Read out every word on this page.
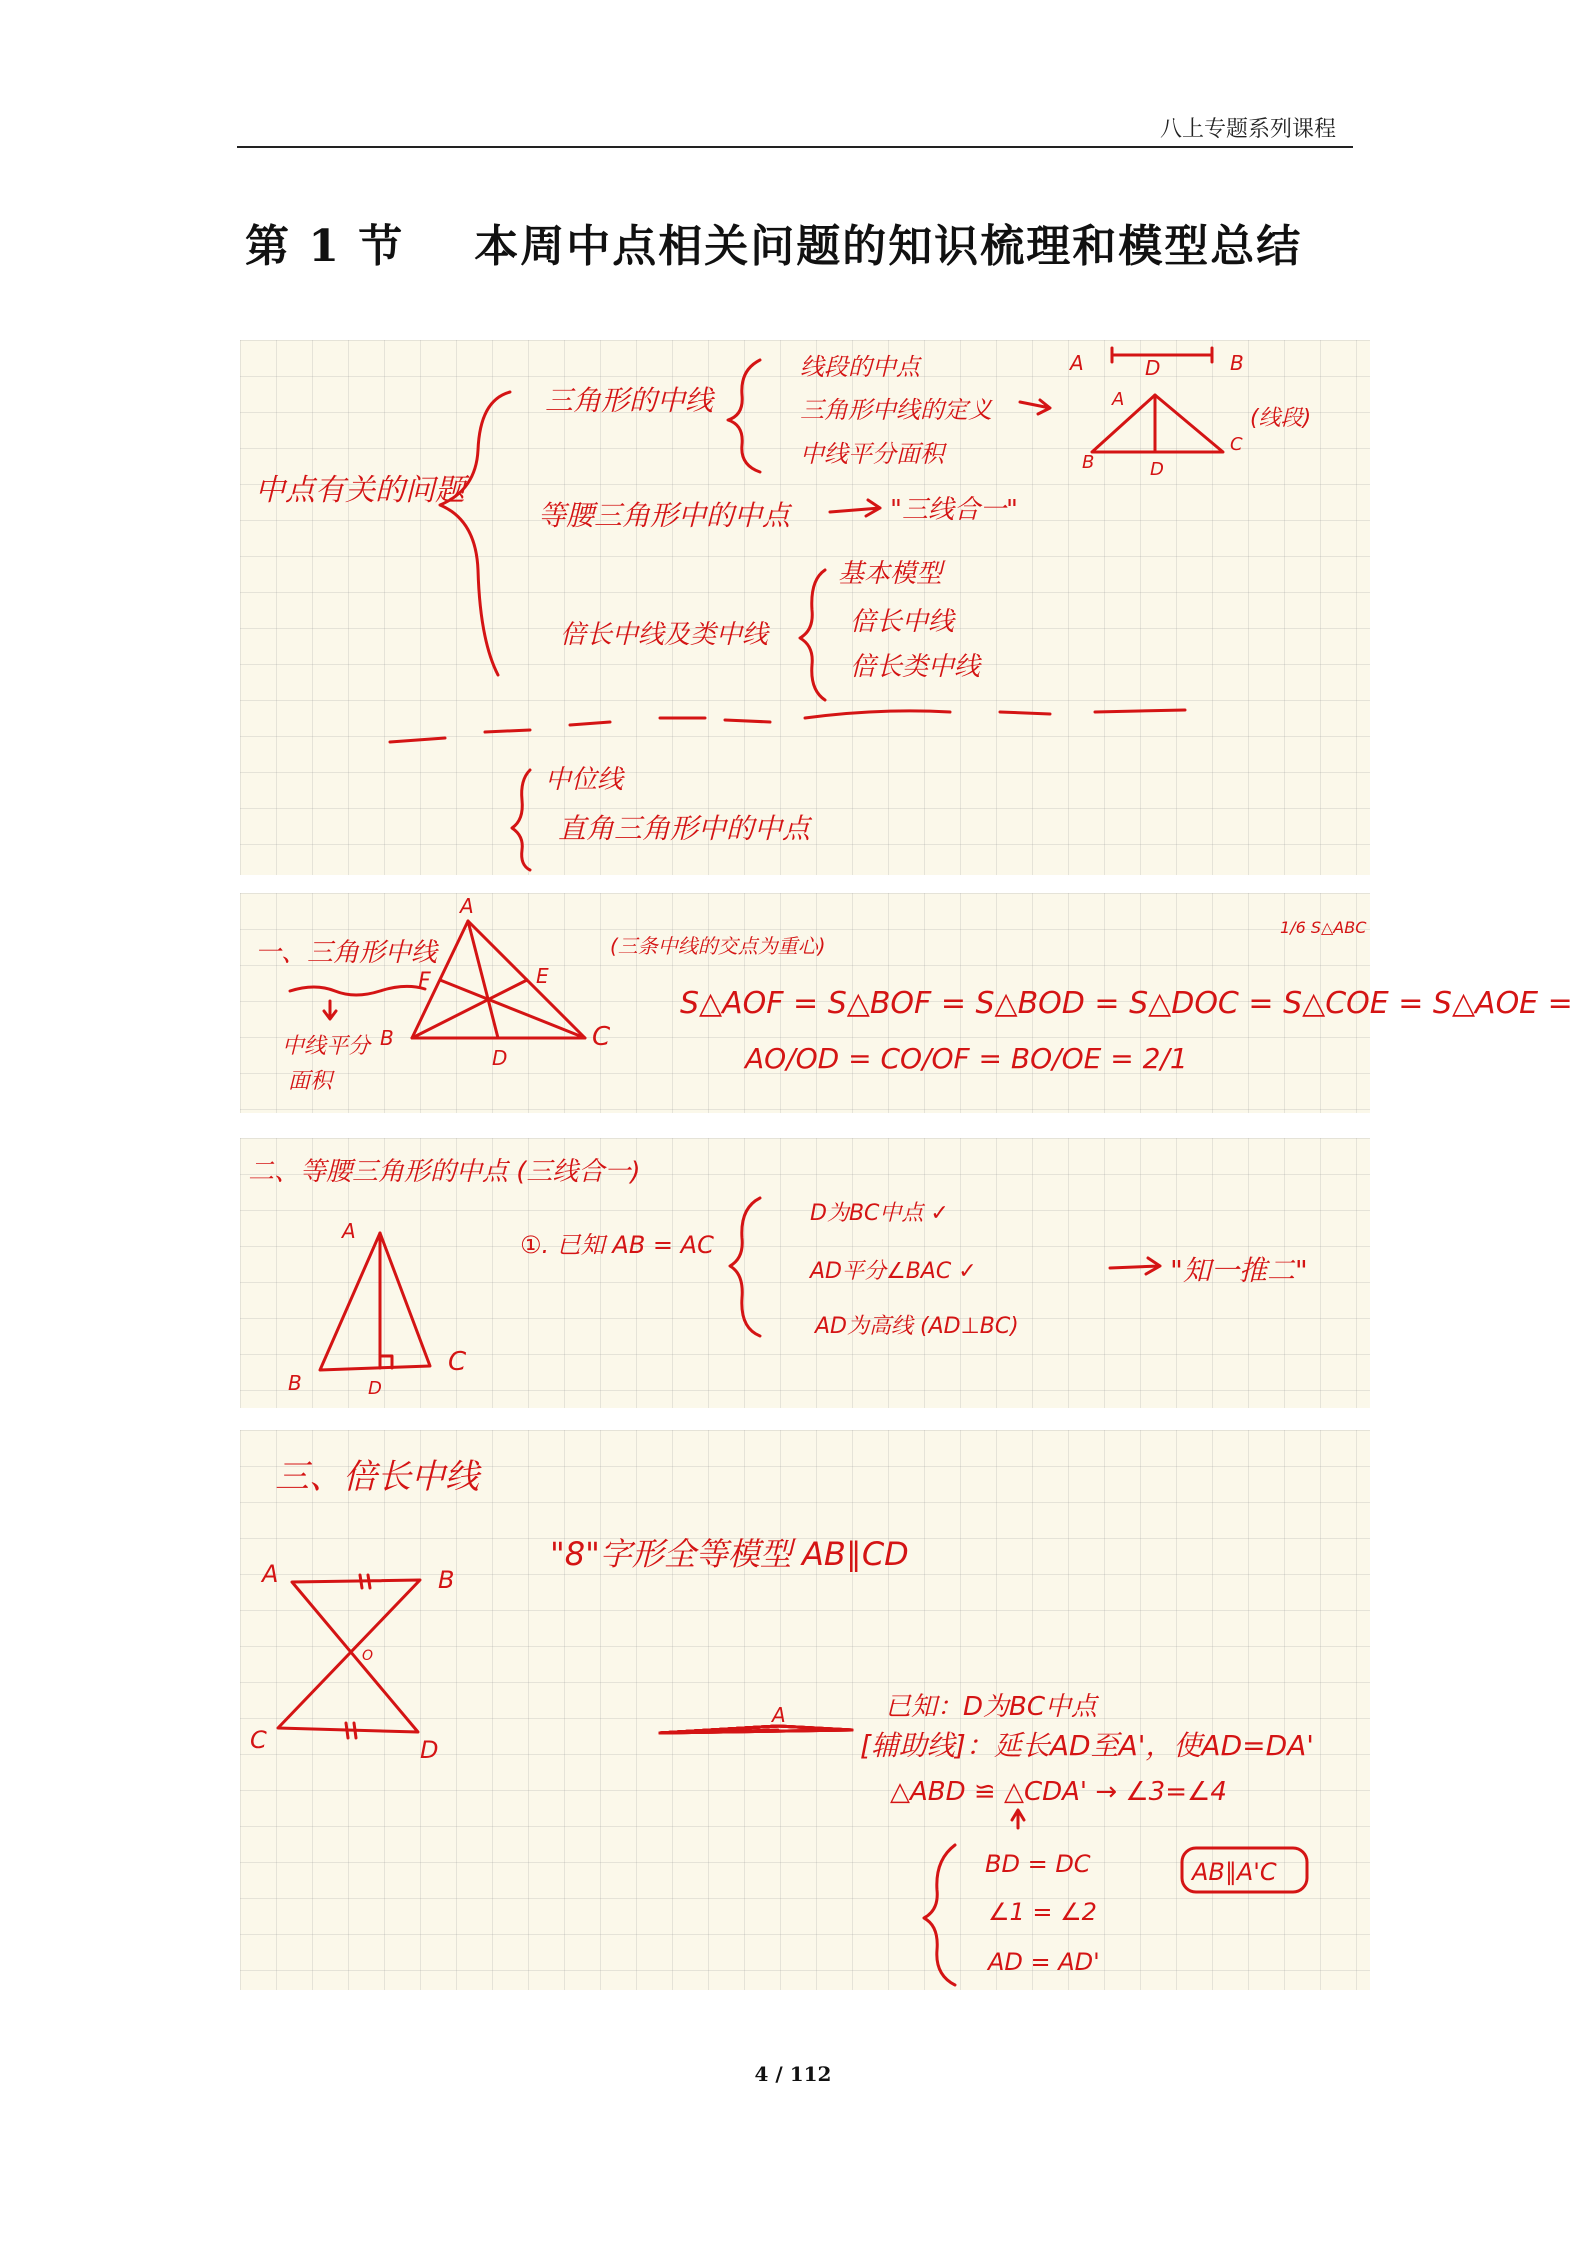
八上专题系列课程
第 1 节 本周中点相关问题的知识梳理和模型总结
中点有关的问题
三角形的中线
线段的中点
三角形中线的定义
中线平分面积
A	D	B
A
B
C
D
(线段)
等腰三角形中的中点	"三线合一"
倍长中线及类中线
基本模型
倍长中线
倍长类中线
中位线
直角三角形中的中点
一、三角形中线
中线平分
面积
A
B	C
D
E
F
(三条中线的交点为重心)
1/6 S△ABC
S△AOF = S△BOF = S△BOD = S△DOC = S△COE = S△AOE =
AO/OD = CO/OF = BO/OE = 2/1
二、等腰三角形的中点 (三线合一)
A
B
C
D
①. 已知 AB = AC
D为BC中点 ✓
AD平分∠BAC ✓
AD为高线 (AD⊥BC)
"知一推二"
三、倍长中线
A	B
C	D
O
"8"字形全等模型 AB∥CD
A	已知：D为BC中点
[辅助线]：延长AD至A'，使AD=DA'
△ABD ≌ △CDA' → ∠3=∠4
AB∥A'C
BD = DC
∠1 = ∠2
AD = AD'
4 / 112
